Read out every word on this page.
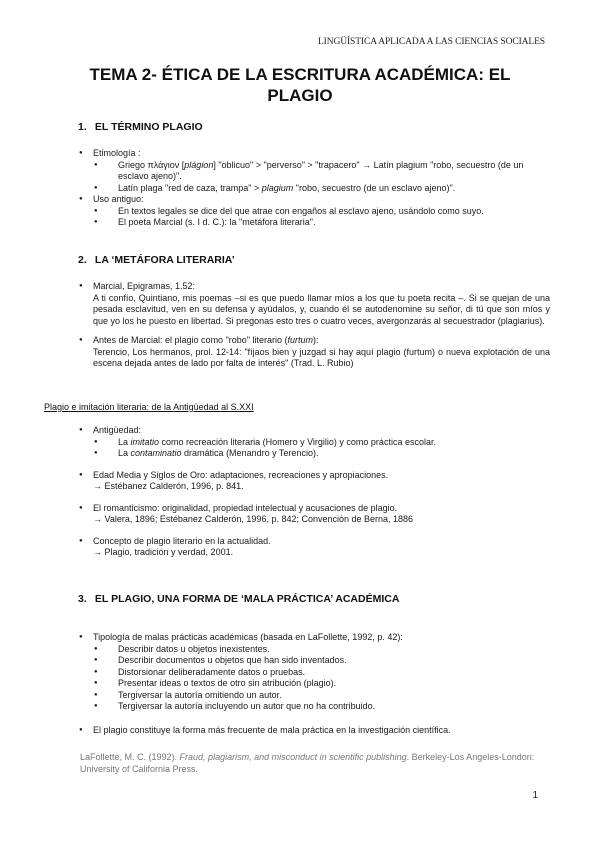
LINGÜÍSTICA APLICADA A LAS CIENCIAS SOCIALES
TEMA 2- ÉTICA DE LA ESCRITURA ACADÉMICA: EL
PLAGIO
1. EL TÉRMINO PLAGIO
● Etimología :
● Griego πλάγιον [plágion] "oblicuo" > "perverso" > "trapacero" → Latín plagium "robo, secuestro (de un esclavo ajeno)".
● Latín plaga "red de caza, trampa" > plagium "robo, secuestro (de un esclavo ajeno)".
● Uso antiguo:
● En textos legales se dice del que atrae con engaños al esclavo ajeno, usándolo como suyo.
● El poeta Marcial (s. I d. C.): la "metáfora literaria".
2. LA ‘METÁFORA LITERARIA’
● Marcial, Epigramas, 1.52:
A ti confío, Quintiano, mis poemas –si es que puedo llamar míos a los que tu poeta recita –. Si se quejan de una pesada esclavitud, ven en su defensa y ayúdalos, y, cuando él se autodenomine su señor, di tú que son míos y que yo los he puesto en libertad. Si pregonas esto tres o cuatro veces, avergonzarás al secuestrador (plagiarius).
● Antes de Marcial: el plagio como "robo" literario (furtum):
Terencio, Los hermanos, prol. 12-14: "fíjaos bien y juzgad si hay aquí plagio (furtum) o nueva explotación de una escena dejada antes de lado por falta de interés" (Trad. L. Rubio)
Plagio e imitación literaria: de la Antigüedad al S.XXI
● Antigüedad:
● La imitatio como recreación literaria (Homero y Virgilio) y como práctica escolar.
● La contaminatio dramática (Menandro y Terencio).
● Edad Media y Siglos de Oro: adaptaciones, recreaciones y apropiaciones.
→ Estébanez Calderón, 1996, p. 841.
● El romanticismo: originalidad, propiedad intelectual y acusaciones de plagio.
→ Valera, 1896; Estébanez Calderón, 1996, p. 842; Convención de Berna, 1886
● Concepto de plagio literario en la actualidad.
→ Plagio, tradición y verdad, 2001.
3. EL PLAGIO, UNA FORMA DE ‘MALA PRÁCTICA’ ACADÉMICA
● Tipología de malas prácticas académicas (basada en LaFollette, 1992, p. 42):
● Describir datos u objetos inexistentes.
● Describir documentos u objetos que han sido inventados.
● Distorsionar deliberadamente datos o pruebas.
● Presentar ideas o textos de otro sin atribución (plagio).
● Tergiversar la autoría omitiendo un autor.
● Tergiversar la autoría incluyendo un autor que no ha contribuido.
● El plagio constituye la forma más frecuente de mala práctica en la investigación científica.
LaFollette, M. C. (1992). Fraud, plagiarism, and misconduct in scientific publishing. Berkeley-Los Angeles-London: University of California Press.
1
